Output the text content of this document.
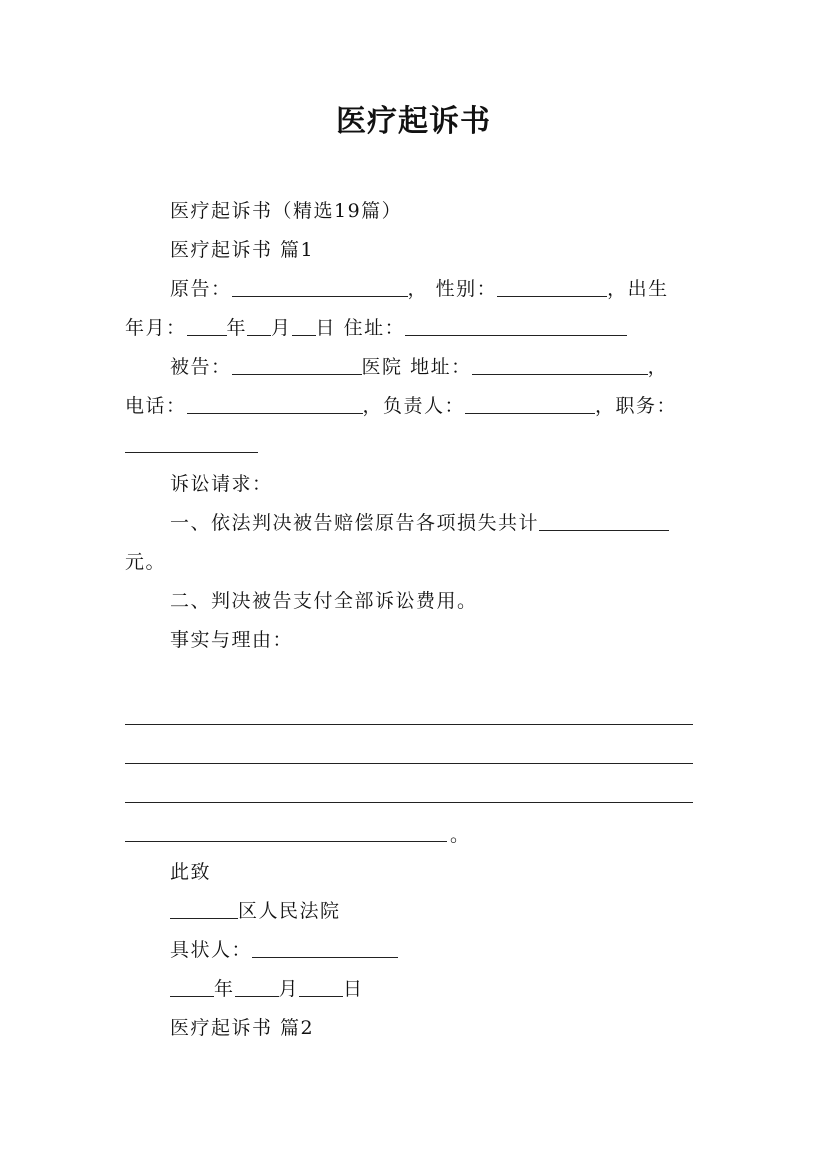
医疗起诉书
医疗起诉书（精选19篇）
医疗起诉书 篇1
原告：	， 性别：	，出生
年月： 年 月 日 住址：
被告：	医院 地址：	，
电话：	，负责人：	，职务：
诉讼请求：
一、依法判决被告赔偿原告各项损失共计
元。
二、判决被告支付全部诉讼费用。
事实与理由：
。
此致
区人民法院
具状人：
年 月 日
医疗起诉书 篇2
